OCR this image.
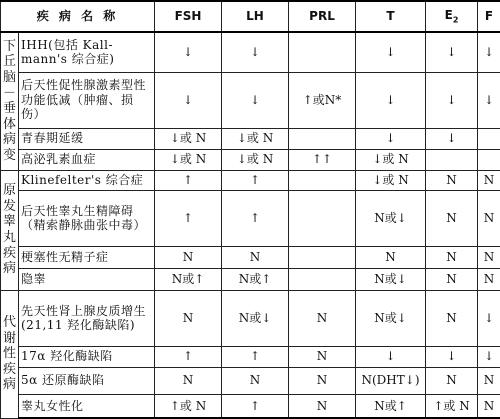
疾 病 名 称		FSH	LH	PRL	T	$E_2$	F

下丘脑－垂体病变	IHH(包括 Kall-mann's 综合症)	↓	↓		↓	↓	↓
	后天性促性腺激素型性功能低减（肿瘤、损伤）	↓	↓	↑或N*	↓	↓	↓
	青春期延缓	↓或 N	↓或 N		↓	↓	
	高泌乳素血症	↓或 N	↓或 N	↑↑	↓或 N		

原发睾丸疾病	Klinefelter's 综合症	↑	↑		↓或 N	N	N
	后天性睾丸生精障碍（精索静脉曲张中毒）	↑	↑		N或↓	N	N
	梗塞性无精子症	N	N		N	N	N
	隐睾	N或↑	N或↑		N或↓	N	N

代谢性疾病	先天性肾上腺皮质增生(21,11 羟化酶缺陷)	N	N或↓	N	N或↓	N	↓
	17α 羟化酶缺陷	↑	↑	N	↓	↓	↓
	5α 还原酶缺陷	N	N	N	N(DHT↓)	N	N
	睾丸女性化	↑或 N	↑	N	N或↑	↑或 N	N
